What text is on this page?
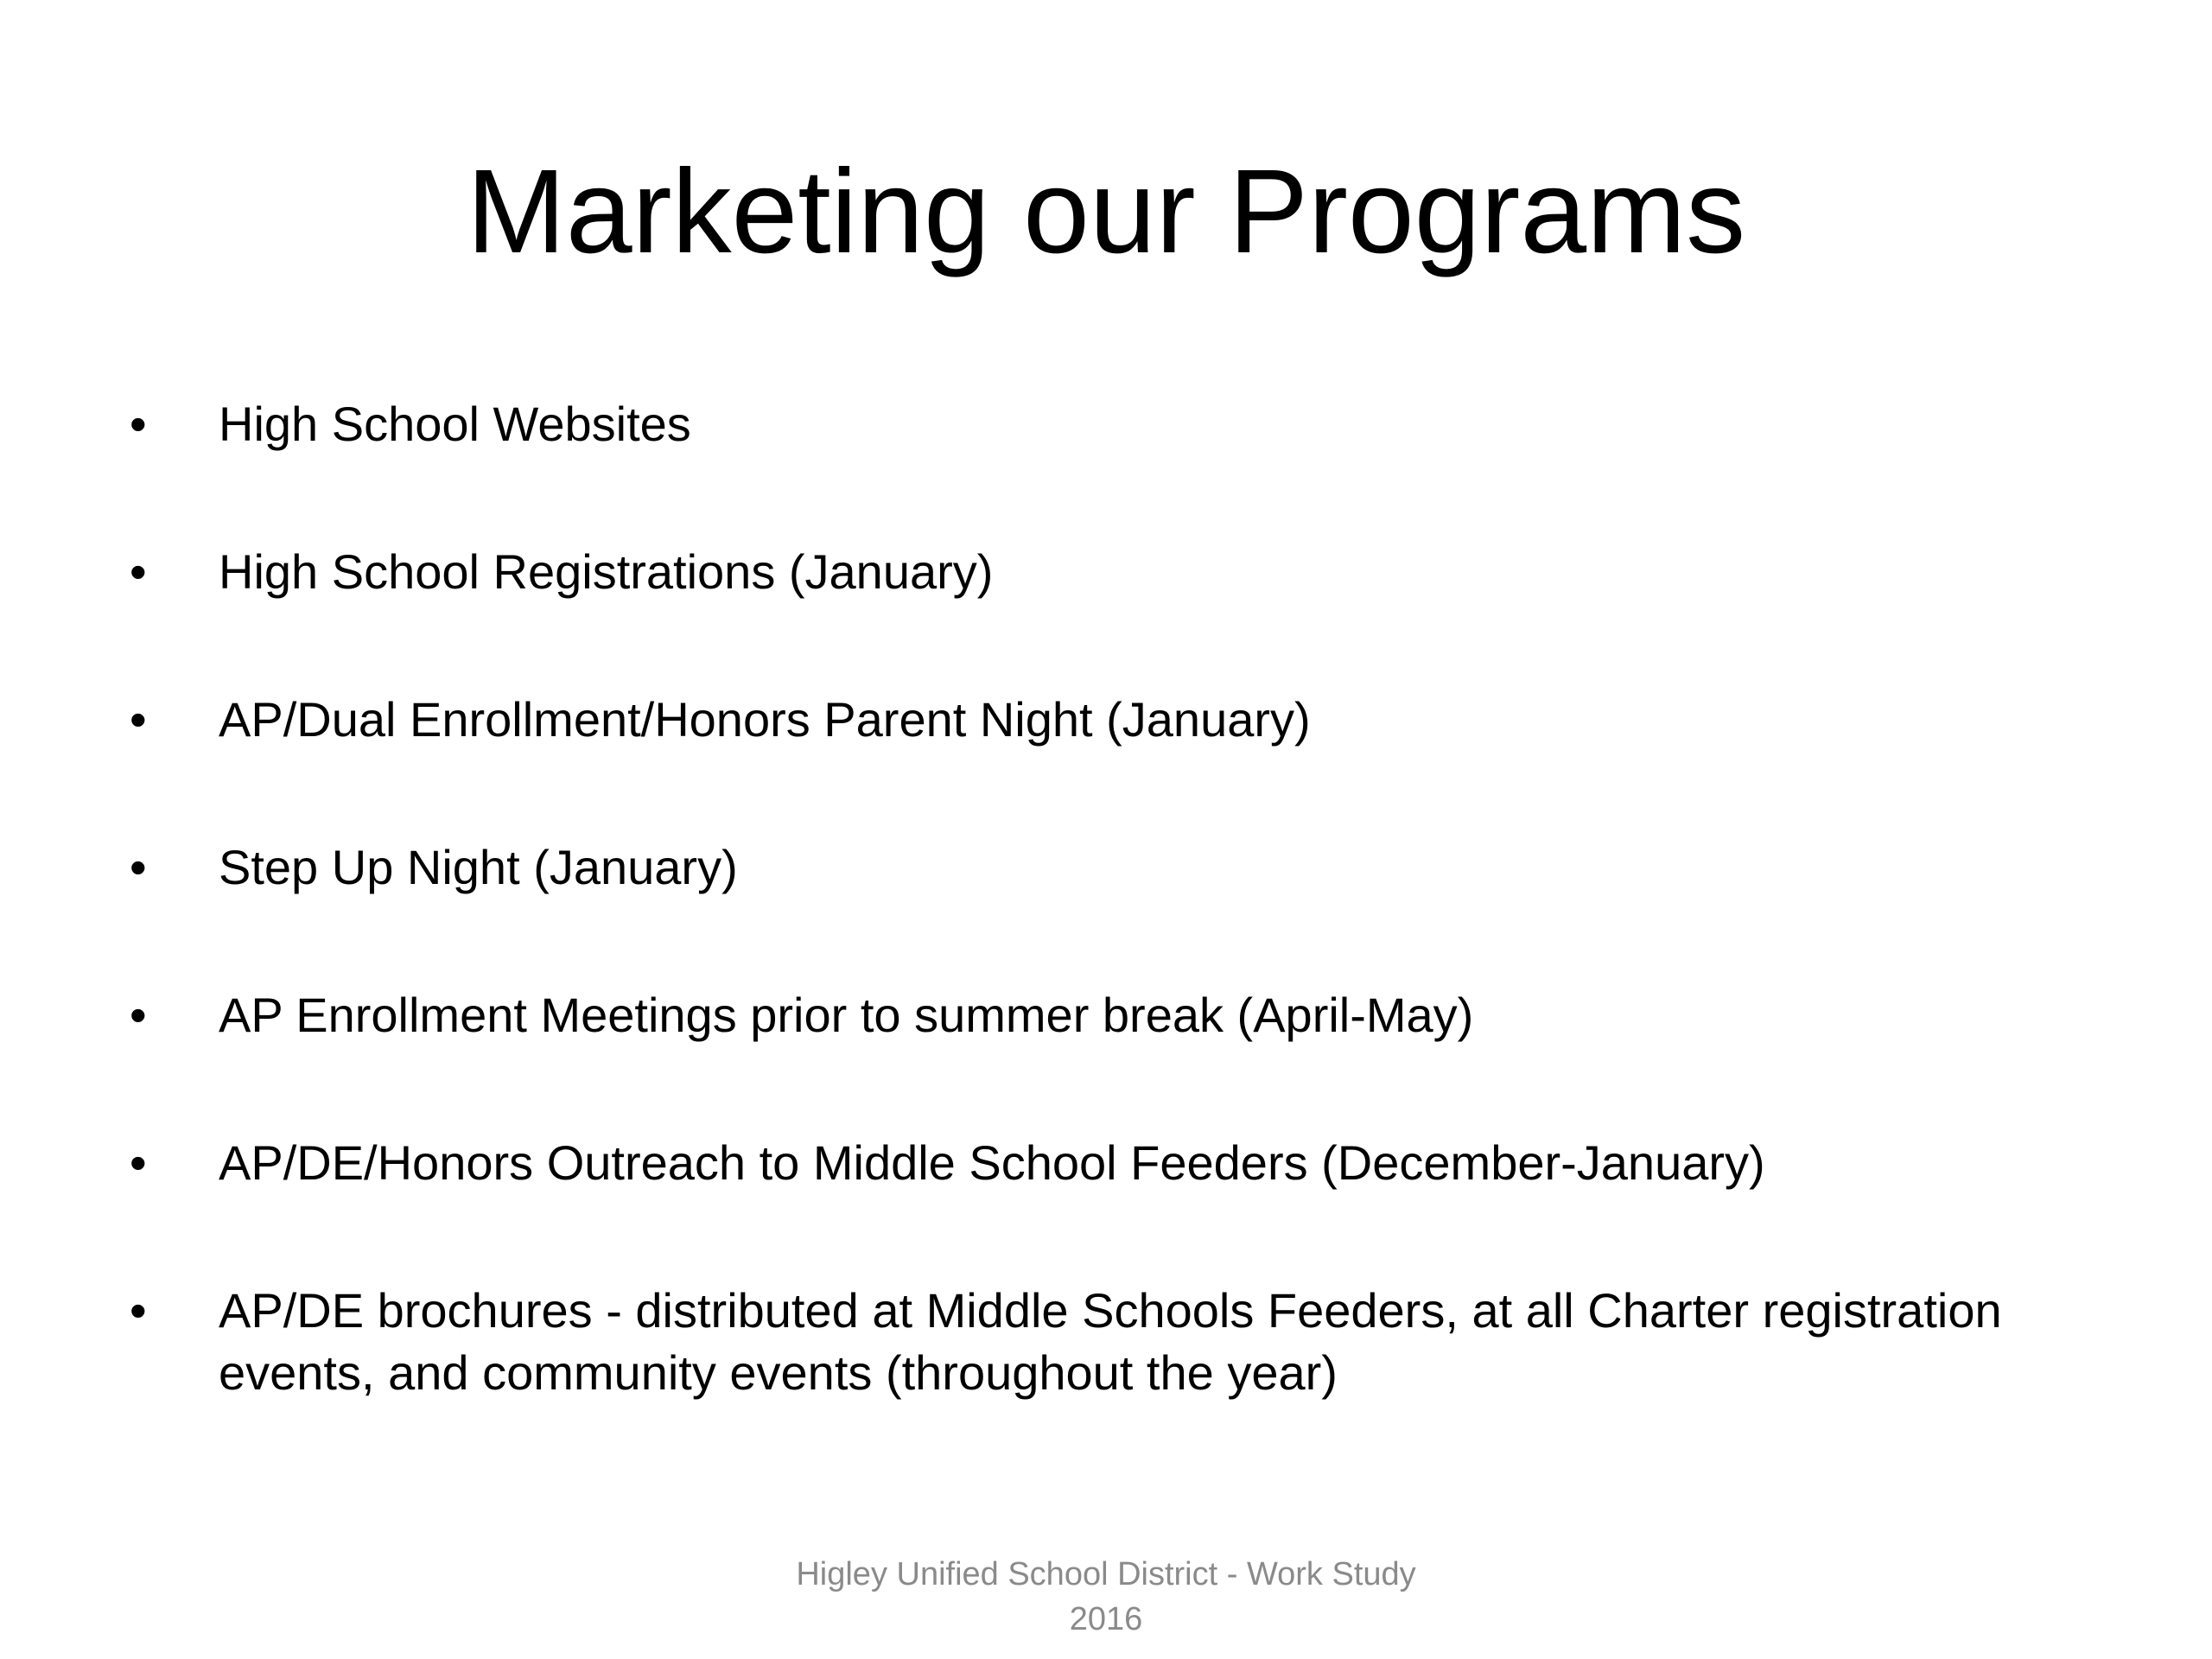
Marketing our Programs
•	High School Websites
•	High School Registrations (January)
•	AP/Dual Enrollment/Honors Parent Night (January)
•	Step Up Night (January)
•	AP Enrollment Meetings prior to summer break (April-May)
•	AP/DE/Honors Outreach to Middle School Feeders (December-January)
•	AP/DE brochures - distributed at Middle Schools Feeders, at all Charter registration events, and community events (throughout the year)
Higley Unified School District - Work Study
2016
